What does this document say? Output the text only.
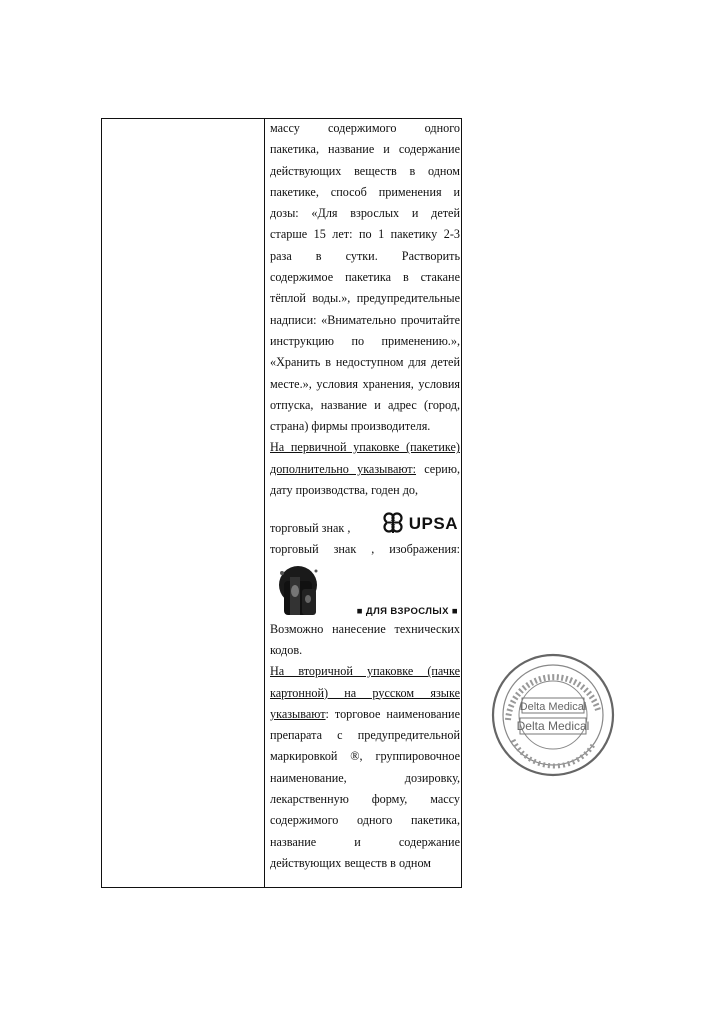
массу содержимого одного пакетика, название и содержание действующих веществ в одном пакетике, способ применения и дозы: «Для взрослых и детей старше 15 лет: по 1 пакетику 2-3 раза в сутки. Растворить содержимое пакетика в стакане тёплой воды.», предупредительные надписи: «Внимательно прочитайте инструкцию по применению.», «Хранить в недоступном для детей месте.», условия хранения, условия отпуска, название и адрес (город, страна) фирмы производителя.

На первичной упаковке (пакетике) дополнительно указывают: серию, дату производства, годен до,

торговый знак ,	UPSA

торговый знак , изображения:

■ ДЛЯ ВЗРОСЛЫХ ■

Возможно нанесение технических кодов.

На вторичной упаковке (пачке картонной) на русском языке указывают: торговое наименование препарата с предупредительной маркировкой ®, группировочное наименование, дозировку, лекарственную форму, массу содержимого одного пакетика, название и содержание действующих веществ в одном

Delta Medical
Delta Medical
